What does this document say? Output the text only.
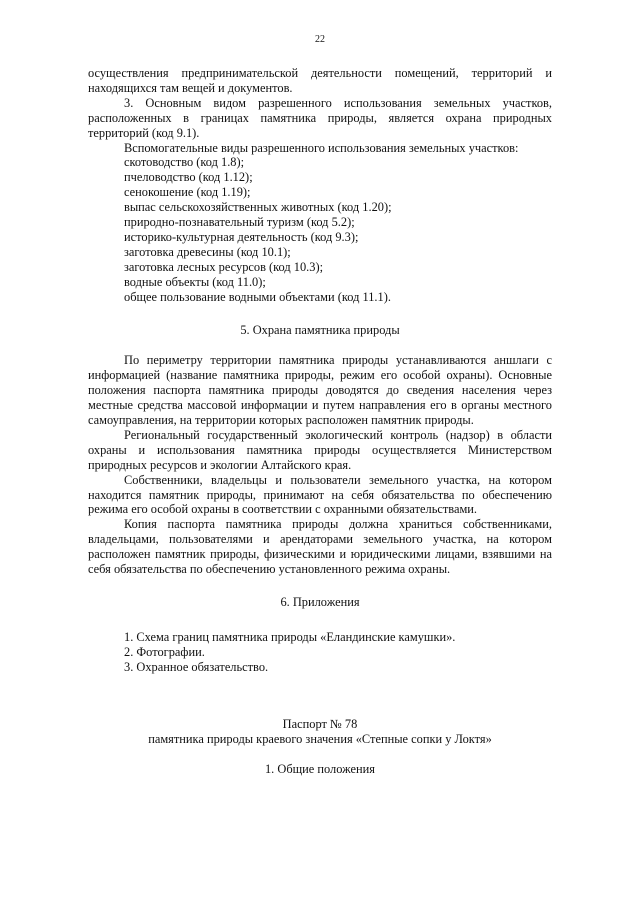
22

осуществления предпринимательской деятельности помещений, территорий и находящихся там вещей и документов.

3. Основным видом разрешенного использования земельных участков, расположенных в границах памятника природы, является охрана природных территорий (код 9.1).

Вспомогательные виды разрешенного использования земельных участков:

скотоводство (код 1.8);

пчеловодство (код 1.12);

сенокошение (код 1.19);

выпас сельскохозяйственных животных (код 1.20);

природно-познавательный туризм (код 5.2);

историко-культурная деятельность (код 9.3);

заготовка древесины (код 10.1);

заготовка лесных ресурсов (код 10.3);

водные объекты (код 11.0);

общее пользование водными объектами (код 11.1).

5. Охрана памятника природы

По периметру территории памятника природы устанавливаются аншлаги с информацией (название памятника природы, режим его особой охраны). Основные положения паспорта памятника природы доводятся до сведения населения через местные средства массовой информации и путем направления его в органы местного самоуправления, на территории которых расположен памятник природы.

Региональный государственный экологический контроль (надзор) в области охраны и использования памятника природы осуществляется Министерством природных ресурсов и экологии Алтайского края.

Собственники, владельцы и пользователи земельного участка, на котором находится памятник природы, принимают на себя обязательства по обеспечению режима его особой охраны в соответствии с охранными обязательствами.

Копия паспорта памятника природы должна храниться собственниками, владельцами, пользователями и арендаторами земельного участка, на котором расположен памятник природы, физическими и юридическими лицами, взявшими на себя обязательства по обеспечению установленного режима охраны.

6. Приложения

1. Схема границ памятника природы «Еландинские камушки».

2. Фотографии.

3. Охранное обязательство.

Паспорт № 78

памятника природы краевого значения «Степные сопки у Локтя»

1. Общие положения
